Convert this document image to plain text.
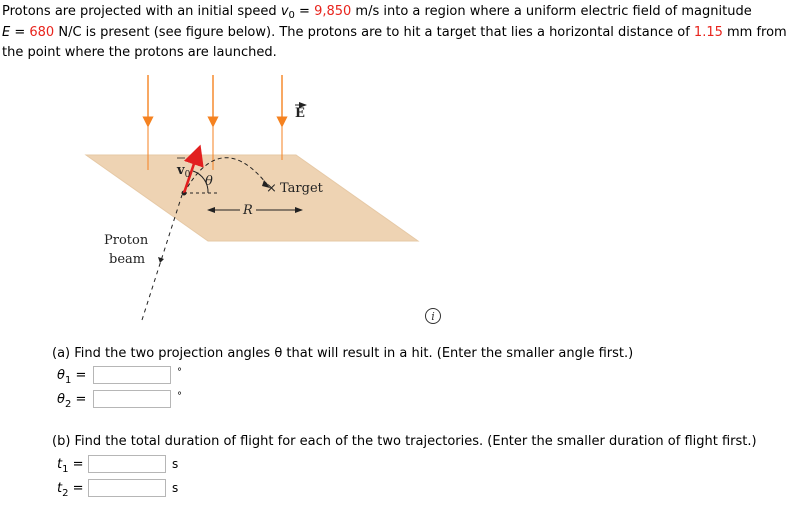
Protons are projected with an initial speed $v_0 = 9,850$ m/s into a region where a uniform electric field of magnitude
E = 680 N/C is present (see figure below). The protons are to hit a target that lies a horizontal distance of 1.15 mm from the point where the protons are launched.
E
Proton
beam
$v_0$ θ	× Target
R
i
(a) Find the two projection angles θ that will result in a hit. (Enter the smaller angle first.)
$\theta_1$ =	°
$\theta_2$ =	°
(b) Find the total duration of flight for each of the two trajectories. (Enter the smaller duration of flight first.)
$t_1$ =	s
$t_2$ =	s
